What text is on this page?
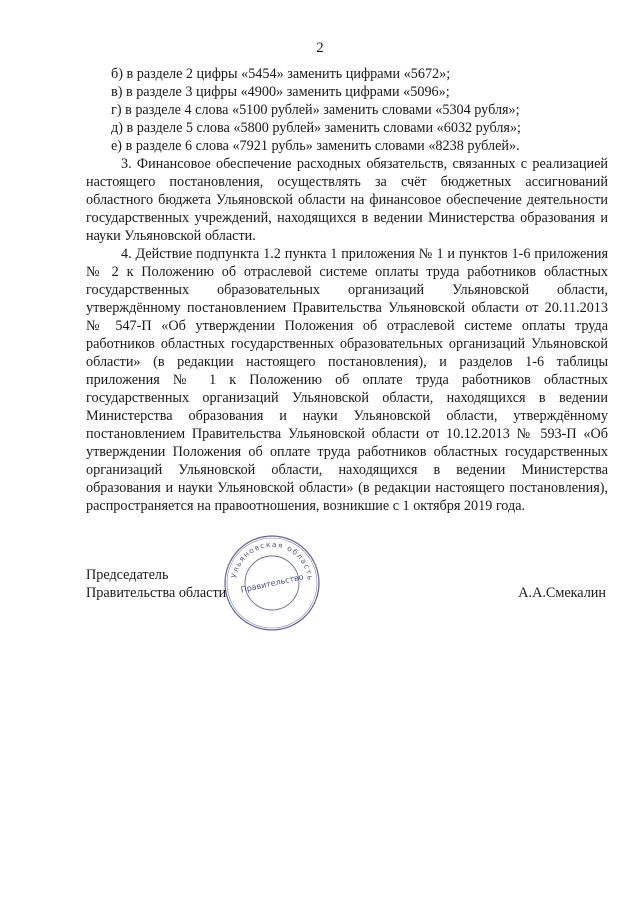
2

б) в разделе 2 цифры «5454» заменить цифрами «5672»;

в) в разделе 3 цифры «4900» заменить цифрами «5096»;

г) в разделе 4 слова «5100 рублей» заменить словами «5304 рубля»;

д) в разделе 5 слова «5800 рублей» заменить словами «6032 рубля»;

е) в разделе 6 слова «7921 рубль» заменить словами «8238 рублей».

3. Финансовое обеспечение расходных обязательств, связанных с реализацией настоящего постановления, осуществлять за счёт бюджетных ассигнований областного бюджета Ульяновской области на финансовое обеспечение деятельности государственных учреждений, находящихся в ведении Министерства образования и науки Ульяновской области.

4. Действие подпункта 1.2 пункта 1 приложения № 1 и пунктов 1-6 приложения № 2 к Положению об отраслевой системе оплаты труда работников областных государственных образовательных организаций Ульяновской области, утверждённому постановлением Правительства Ульяновской области от 20.11.2013 № 547-П «Об утверждении Положения об отраслевой системе оплаты труда работников областных государственных образовательных организаций Ульяновской области» (в редакции настоящего постановления), и разделов 1-6 таблицы приложения № 1 к Положению об оплате труда работников областных государственных организаций Ульяновской области, находящихся в ведении Министерства образования и науки Ульяновской области, утверждённому постановлением Правительства Ульяновской области от 10.12.2013 № 593-П «Об утверждении Положения об оплате труда работников областных государственных организаций Ульяновской области, находящихся в ведении Министерства образования и науки Ульяновской области» (в редакции настоящего постановления), распространяется на правоотношения, возникшие с 1 октября 2019 года.

Председатель
Правительства области	А.А.Смекалин
Ульяновская область
Правительство
